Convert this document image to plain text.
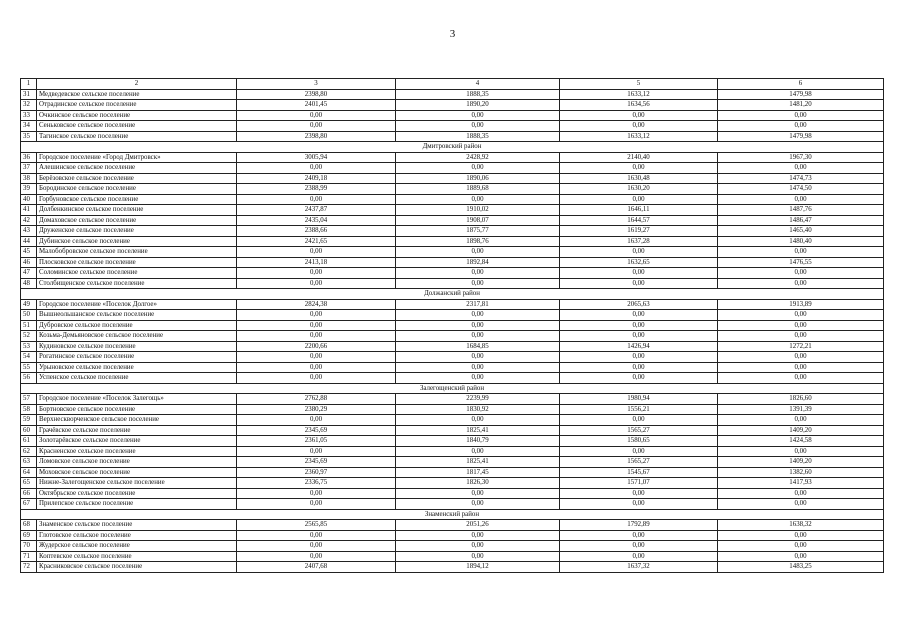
3
1	2	3	4	5	6
31	Медведевское сельское поселение	2398,80	1888,35	1633,12	1479,98
32	Отрадинское сельское поселение	2401,45	1890,20	1634,56	1481,20
33	Очкинское сельское поселение	0,00	0,00	0,00	0,00
34	Сеньковское сельское поселение	0,00	0,00	0,00	0,00
35	Тагинское сельское поселение	2398,80	1888,35	1633,12	1479,98
Дмитровский район					
36	Городское поселение «Город Дмитровск»	3005,94	2428,92	2140,40	1967,30
37	Алешинское сельское поселение	0,00	0,00	0,00	0,00
38	Берёзовское сельское поселение	2409,18	1890,06	1630,48	1474,73
39	Бородинское сельское поселение	2388,99	1889,68	1630,20	1474,50
40	Горбуновское сельское поселение	0,00	0,00	0,00	0,00
41	Долбенкинское сельское поселение	2437,87	1910,02	1646,11	1487,76
42	Домаховское сельское поселение	2435,04	1908,07	1644,57	1486,47
43	Друженское сельское поселение	2388,66	1875,77	1619,27	1465,40
44	Дубинское сельское поселение	2421,65	1898,76	1637,28	1480,40
45	Малобобровское сельское поселение	0,00	0,00	0,00	0,00
46	Плосковское сельское поселение	2413,18	1892,84	1632,65	1476,55
47	Соломинское сельское поселение	0,00	0,00	0,00	0,00
48	Столбищенское сельское поселение	0,00	0,00	0,00	0,00
Должанский район					
49	Городское поселение «Поселок Долгое»	2824,38	2317,81	2065,63	1913,89
50	Вышнеольшанское сельское поселение	0,00	0,00	0,00	0,00
51	Дубровское сельское поселение	0,00	0,00	0,00	0,00
52	Козьма-Демьяновское сельское поселение	0,00	0,00	0,00	0,00
53	Кудиновское сельское поселение	2200,66	1684,85	1426,94	1272,21
54	Рогатинское сельское поселение	0,00	0,00	0,00	0,00
55	Урыновское сельское поселение	0,00	0,00	0,00	0,00
56	Успенское сельское поселение	0,00	0,00	0,00	0,00
Залегощенский район					
57	Городское поселение «Поселок Залегощь»	2762,88	2239,99	1980,94	1826,60
58	Бортновское сельское поселение	2380,29	1830,92	1556,21	1391,39
59	Верхнескворченское сельское поселение	0,00	0,00	0,00	0,00
60	Грачёвское сельское поселение	2345,69	1825,41	1565,27	1409,20
61	Золотарёвское сельское поселение	2361,05	1840,79	1580,65	1424,58
62	Красненское сельское поселение	0,00	0,00	0,00	0,00
63	Ломовское сельское поселение	2345,69	1825,41	1565,27	1409,20
64	Моховское сельское поселение	2360,97	1817,45	1545,67	1382,60
65	Нижне-Залегощенское сельское поселение	2336,75	1826,30	1571,07	1417,93
66	Октябрьское сельское поселение	0,00	0,00	0,00	0,00
67	Прилепское сельское поселение	0,00	0,00	0,00	0,00
Знаменский район					
68	Знаменское сельское поселение	2565,85	2051,26	1792,89	1638,32
69	Глотовское сельское поселение	0,00	0,00	0,00	0,00
70	Жудерское сельское поселение	0,00	0,00	0,00	0,00
71	Коптевское сельское поселение	0,00	0,00	0,00	0,00
72	Красниковское сельское поселение	2407,68	1894,12	1637,32	1483,25
